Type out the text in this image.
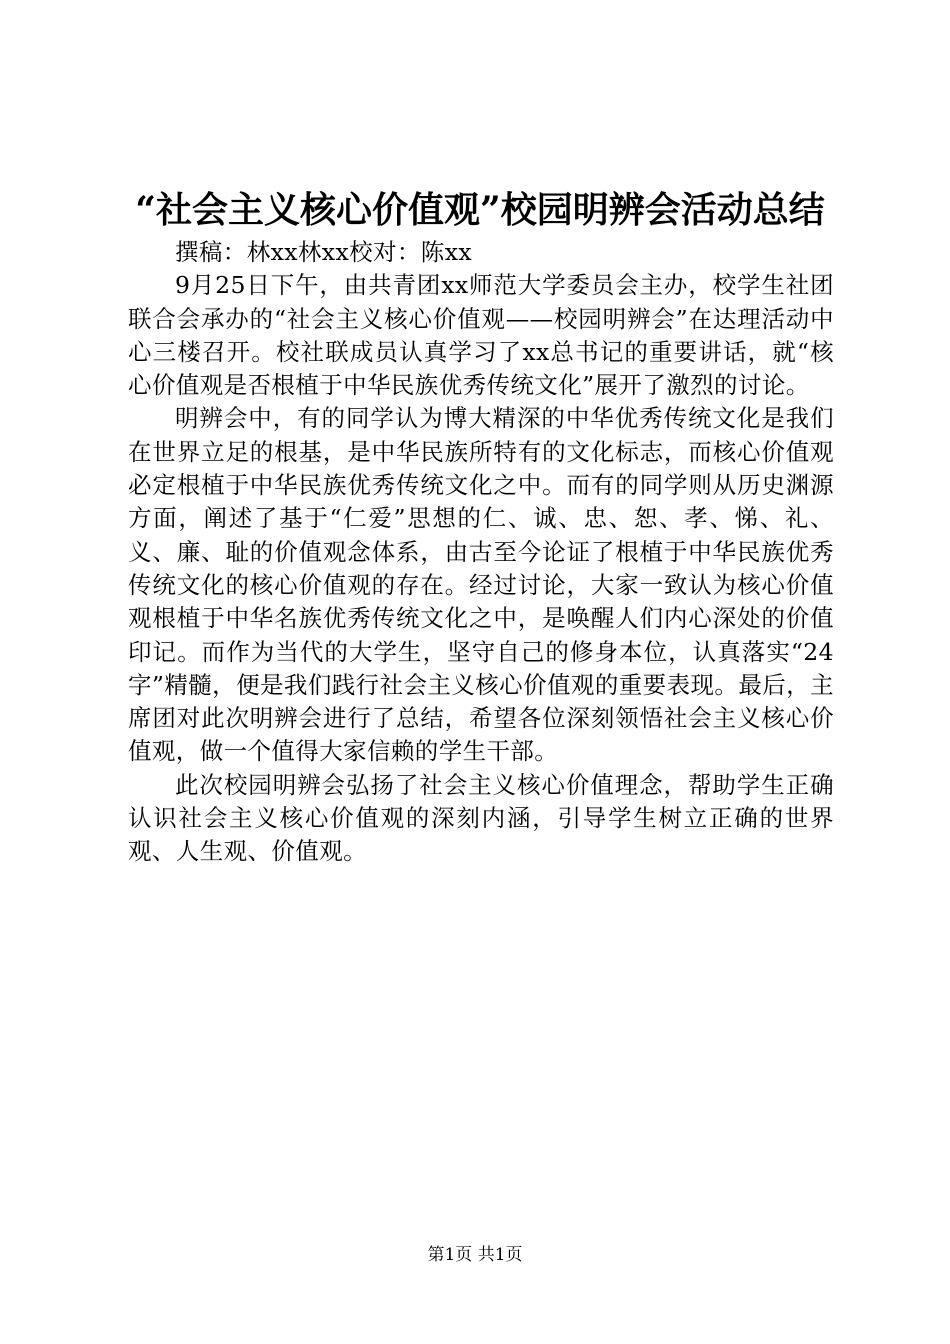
“社会主义核心价值观”校园明辨会活动总结

撰稿：林xx林xx校对：陈xx

9月25日下午，由共青团xx师范大学委员会主办，校学生社团联合会承办的“社会主义核心价值观——校园明辨会”在达理活动中心三楼召开。校社联成员认真学习了xx总书记的重要讲话，就“核心价值观是否根植于中华民族优秀传统文化”展开了激烈的讨论。

明辨会中，有的同学认为博大精深的中华优秀传统文化是我们在世界立足的根基，是中华民族所特有的文化标志，而核心价值观必定根植于中华民族优秀传统文化之中。而有的同学则从历史渊源方面，阐述了基于“仁爱”思想的仁、诚、忠、恕、孝、悌、礼、义、廉、耻的价值观念体系，由古至今论证了根植于中华民族优秀传统文化的核心价值观的存在。经过讨论，大家一致认为核心价值观根植于中华名族优秀传统文化之中，是唤醒人们内心深处的价值印记。而作为当代的大学生，坚守自己的修身本位，认真落实“24字”精髓，便是我们践行社会主义核心价值观的重要表现。最后，主席团对此次明辨会进行了总结，希望各位深刻领悟社会主义核心价值观，做一个值得大家信赖的学生干部。

此次校园明辨会弘扬了社会主义核心价值理念，帮助学生正确认识社会主义核心价值观的深刻内涵，引导学生树立正确的世界观、人生观、价值观。

第1页 共1页
